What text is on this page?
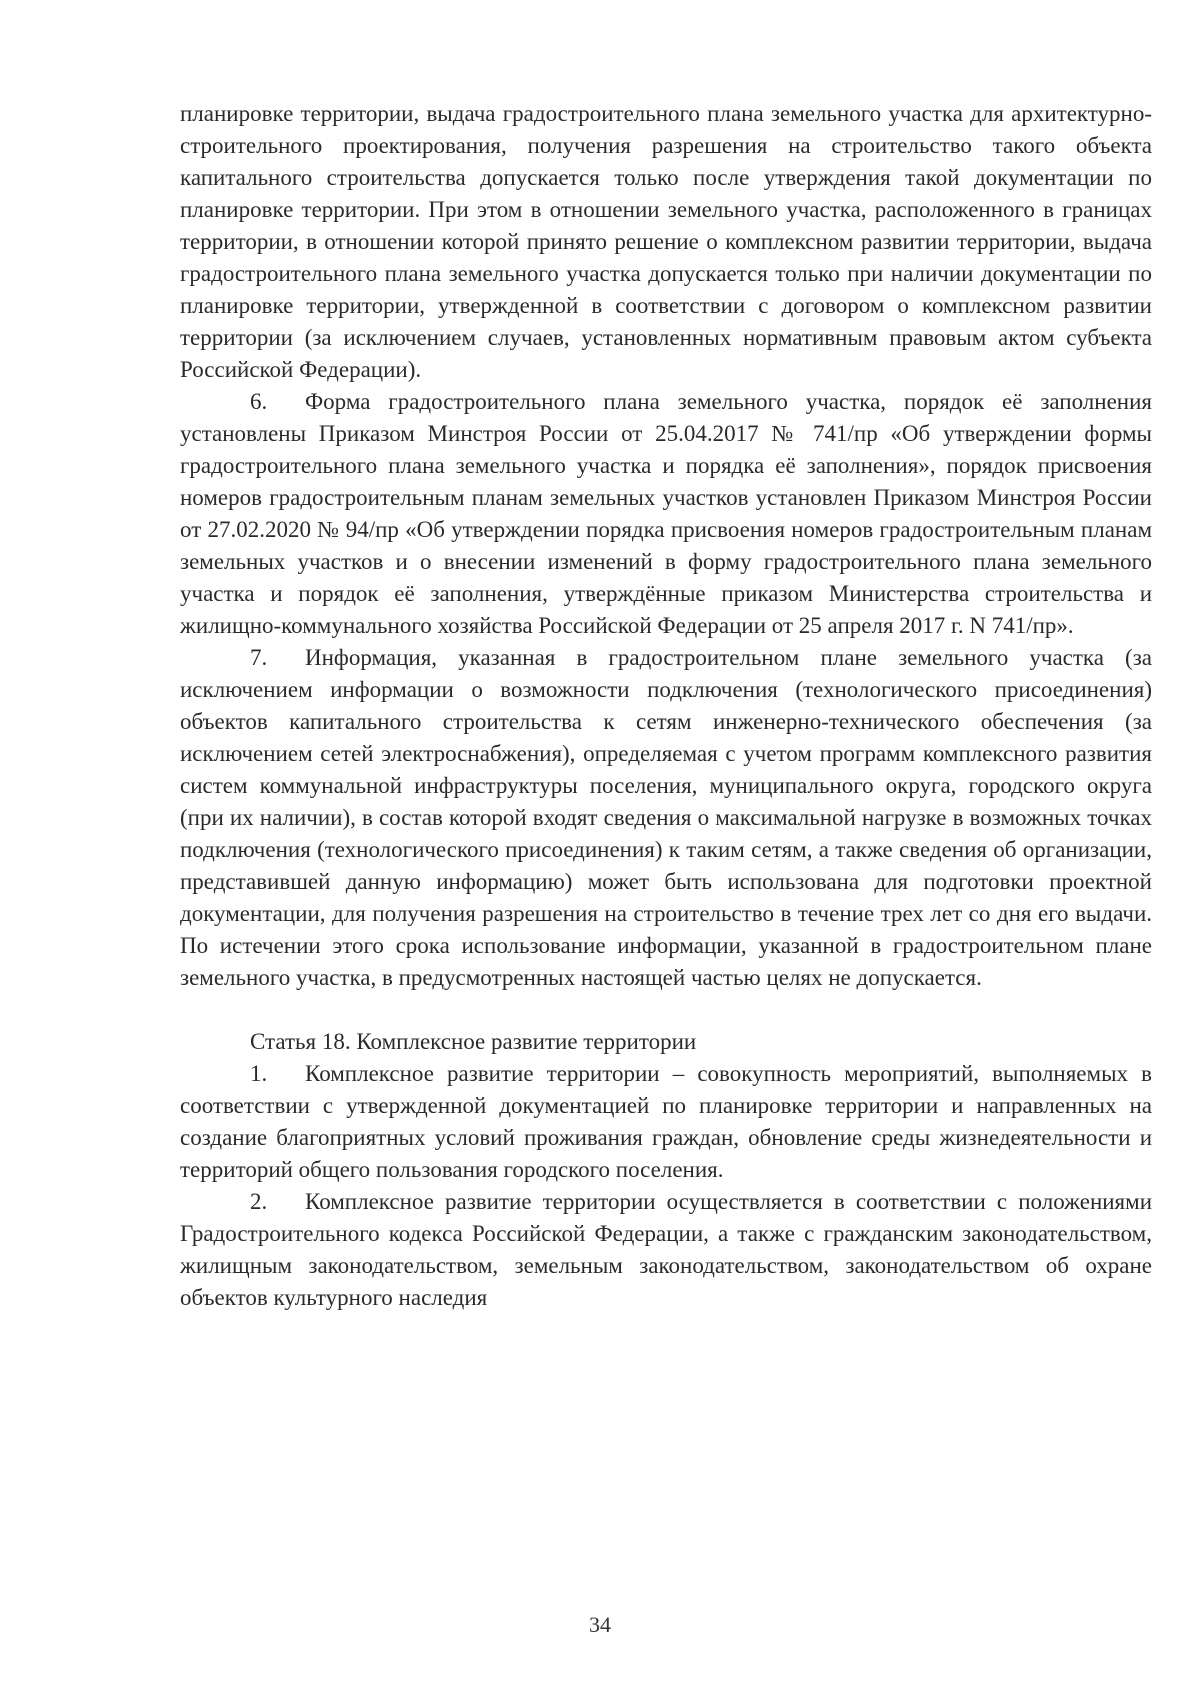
планировке территории, выдача градостроительного плана земельного участка для архитектурно-строительного проектирования, получения разрешения на строительство такого объекта капитального строительства допускается только после утверждения такой документации по планировке территории. При этом в отношении земельного участка, расположенного в границах территории, в отношении которой принято решение о комплексном развитии территории, выдача градостроительного плана земельного участка допускается только при наличии документации по планировке территории, утвержденной в соответствии с договором о комплексном развитии территории (за исключением случаев, установленных нормативным правовым актом субъекта Российской Федерации).

6. Форма градостроительного плана земельного участка, порядок её заполнения установлены Приказом Минстроя России от 25.04.2017 № 741/пр «Об утверждении формы градостроительного плана земельного участка и порядка её заполнения», порядок присвоения номеров градостроительным планам земельных участков установлен Приказом Минстроя России от 27.02.2020 № 94/пр «Об утверждении порядка присвоения номеров градостроительным планам земельных участков и о внесении изменений в форму градостроительного плана земельного участка и порядок её заполнения, утверждённые приказом Министерства строительства и жилищно-коммунального хозяйства Российской Федерации от 25 апреля 2017 г. N 741/пр».

7. Информация, указанная в градостроительном плане земельного участка (за исключением информации о возможности подключения (технологического присоединения) объектов капитального строительства к сетям инженерно-технического обеспечения (за исключением сетей электроснабжения), определяемая с учетом программ комплексного развития систем коммунальной инфраструктуры поселения, муниципального округа, городского округа (при их наличии), в состав которой входят сведения о максимальной нагрузке в возможных точках подключения (технологического присоединения) к таким сетям, а также сведения об организации, представившей данную информацию) может быть использована для подготовки проектной документации, для получения разрешения на строительство в течение трех лет со дня его выдачи. По истечении этого срока использование информации, указанной в градостроительном плане земельного участка, в предусмотренных настоящей частью целях не допускается.

Статья 18. Комплексное развитие территории

1. Комплексное развитие территории – совокупность мероприятий, выполняемых в соответствии с утвержденной документацией по планировке территории и направленных на создание благоприятных условий проживания граждан, обновление среды жизнедеятельности и территорий общего пользования городского поселения.

2. Комплексное развитие территории осуществляется в соответствии с положениями Градостроительного кодекса Российской Федерации, а также с гражданским законодательством, жилищным законодательством, земельным законодательством, законодательством об охране объектов культурного наследия

34
